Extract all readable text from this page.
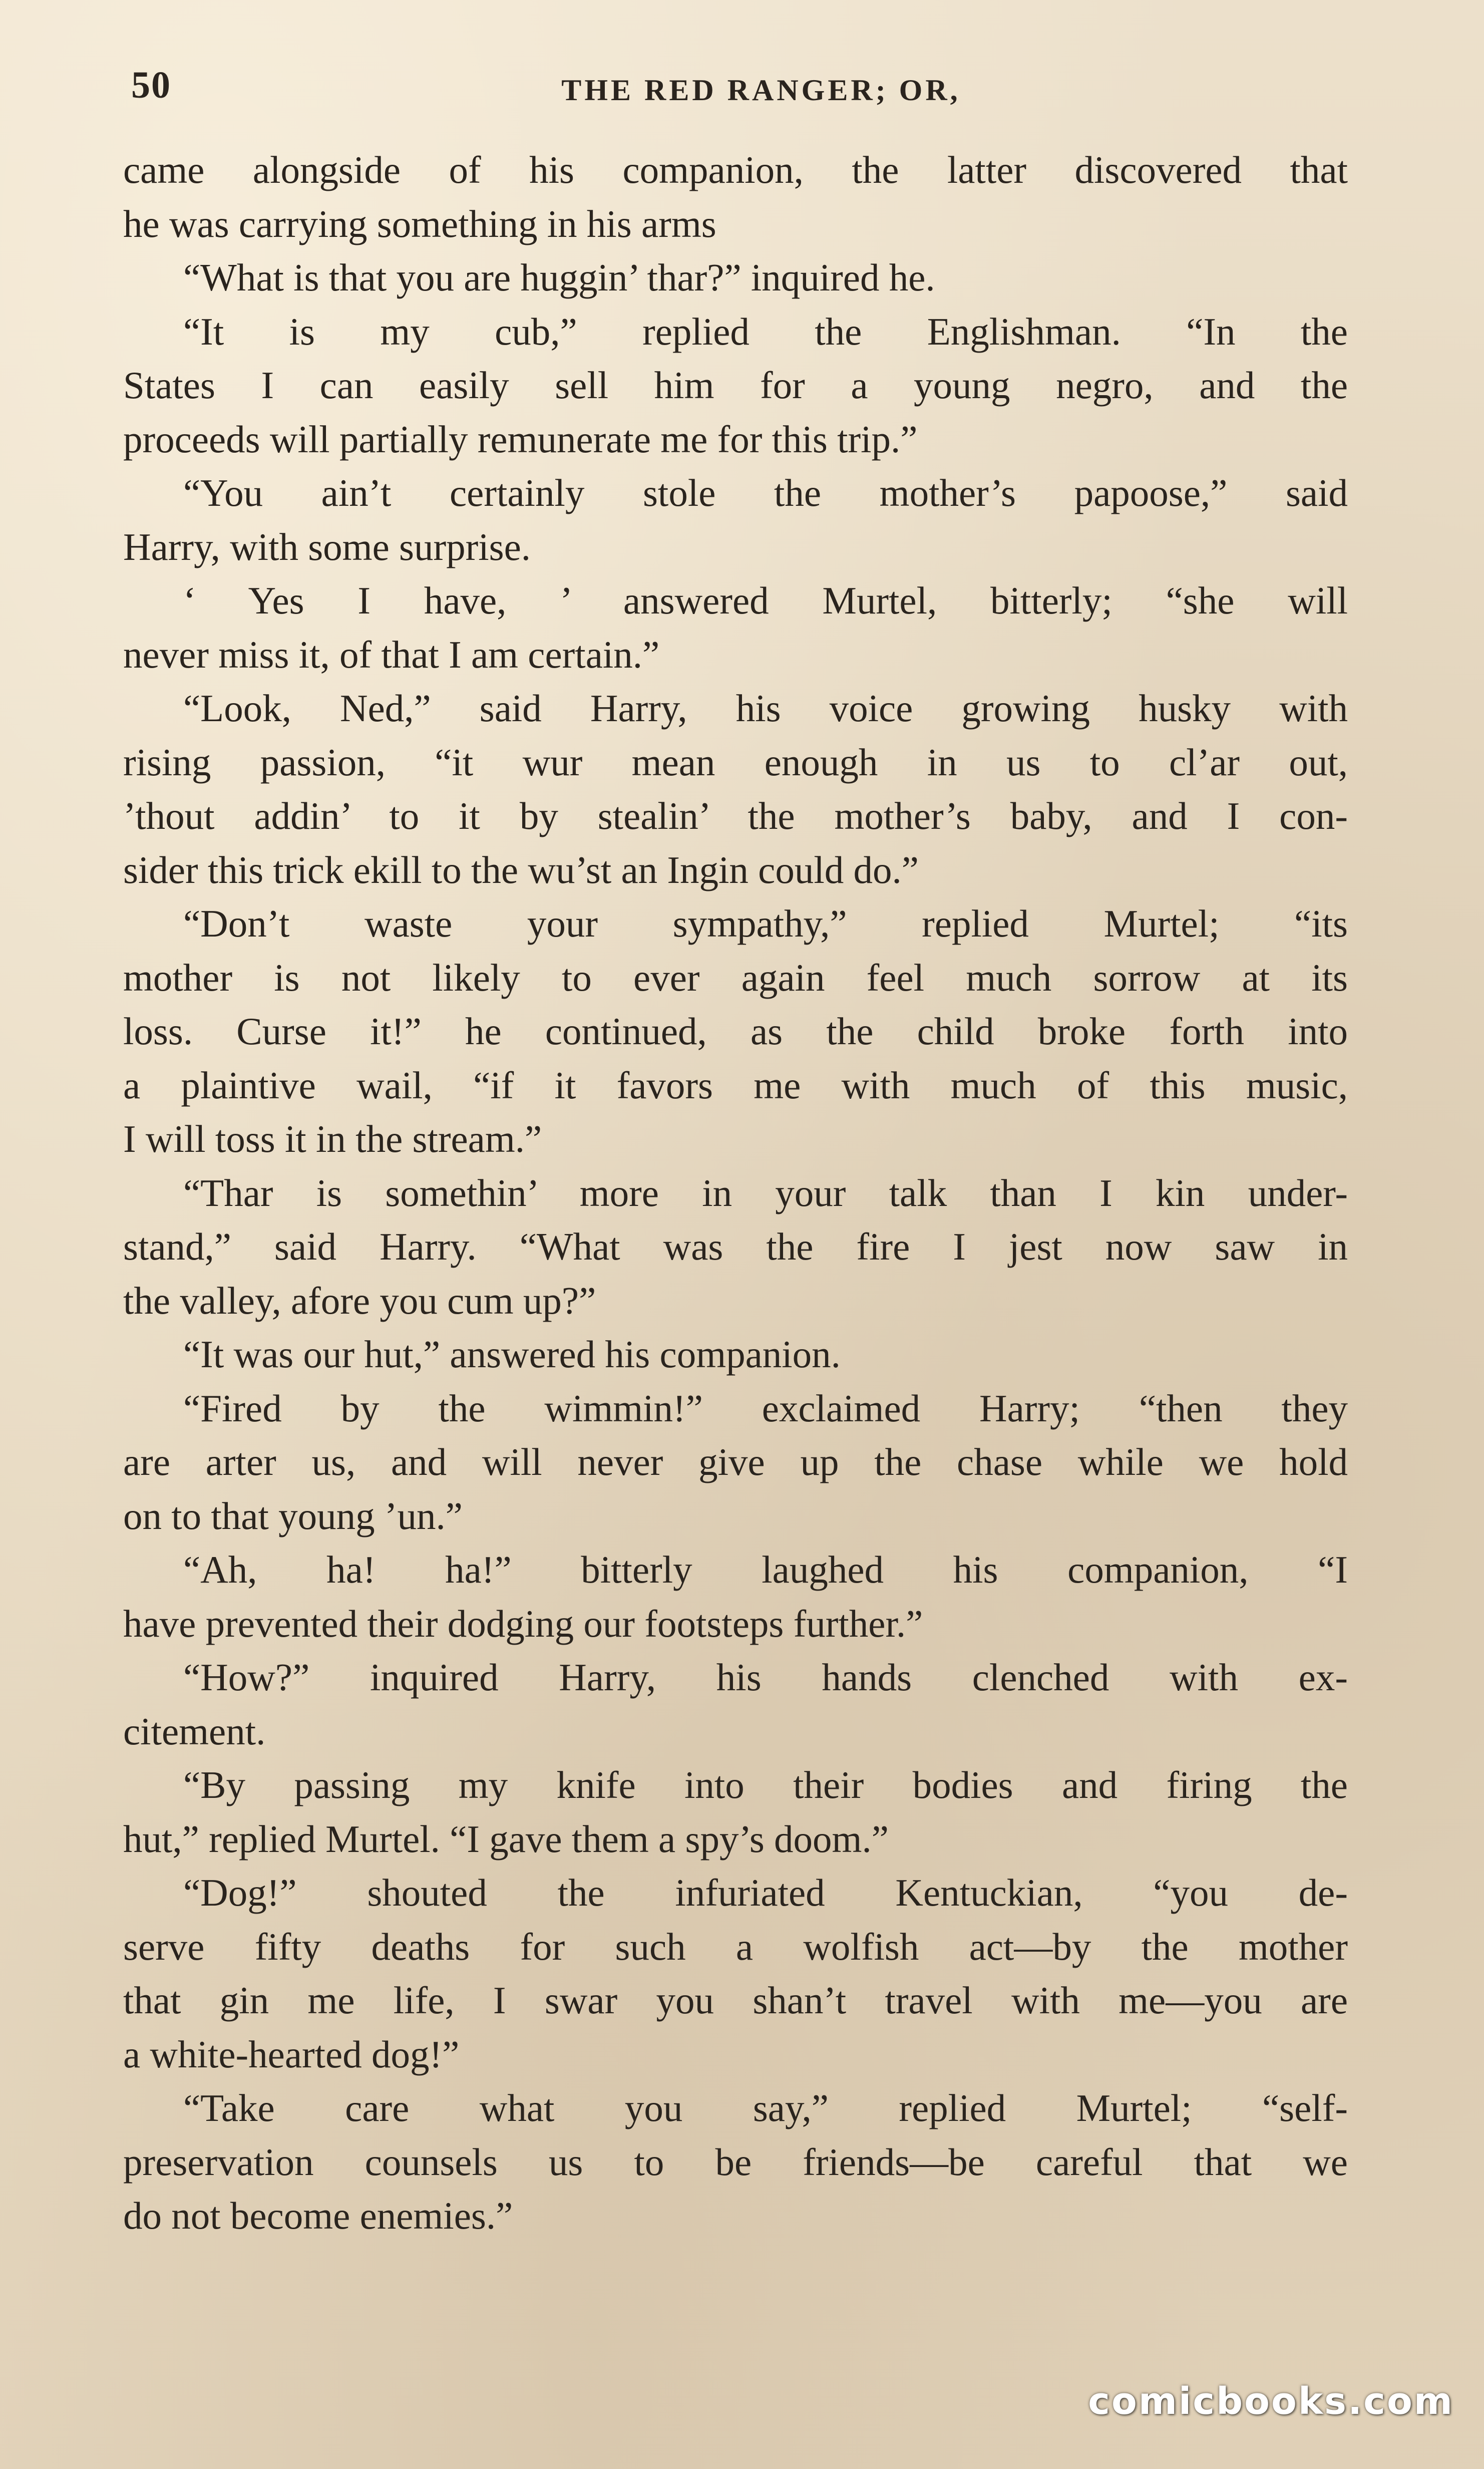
50	THE RED RANGER; OR,
came alongside of his companion, the latter discovered that
he was carrying something in his arms
“What is that you are huggin’ thar?” inquired he.
“It is my cub,” replied the Englishman. “In the
States I can easily sell him for a young negro, and the
proceeds will partially remunerate me for this trip.”
“You ain’t certainly stole the mother’s papoose,” said
Harry, with some surprise.
‘ Yes I have, ’ answered Murtel, bitterly; “she will
never miss it, of that I am certain.”
“Look, Ned,” said Harry, his voice growing husky with
rising passion, “it wur mean enough in us to cl’ar out,
’thout addin’ to it by stealin’ the mother’s baby, and I con-
sider this trick ekill to the wu’st an Ingin could do.”
“Don’t waste your sympathy,” replied Murtel; “its
mother is not likely to ever again feel much sorrow at its
loss. Curse it!” he continued, as the child broke forth into
a plaintive wail, “if it favors me with much of this music,
I will toss it in the stream.”
“Thar is somethin’ more in your talk than I kin under-
stand,” said Harry. “What was the fire I jest now saw in
the valley, afore you cum up?”
“It was our hut,” answered his companion.
“Fired by the wimmin!” exclaimed Harry; “then they
are arter us, and will never give up the chase while we hold
on to that young ’un.”
“Ah, ha! ha!” bitterly laughed his companion, “I
have prevented their dodging our footsteps further.”
“How?” inquired Harry, his hands clenched with ex-
citement.
“By passing my knife into their bodies and firing the
hut,” replied Murtel. “I gave them a spy’s doom.”
“Dog!” shouted the infuriated Kentuckian, “you de-
serve fifty deaths for such a wolfish act—by the mother
that gin me life, I swar you shan’t travel with me—you are
a white-hearted dog!”
“Take care what you say,” replied Murtel; “self-
preservation counsels us to be friends—be careful that we
do not become enemies.”
comicbooks.com
